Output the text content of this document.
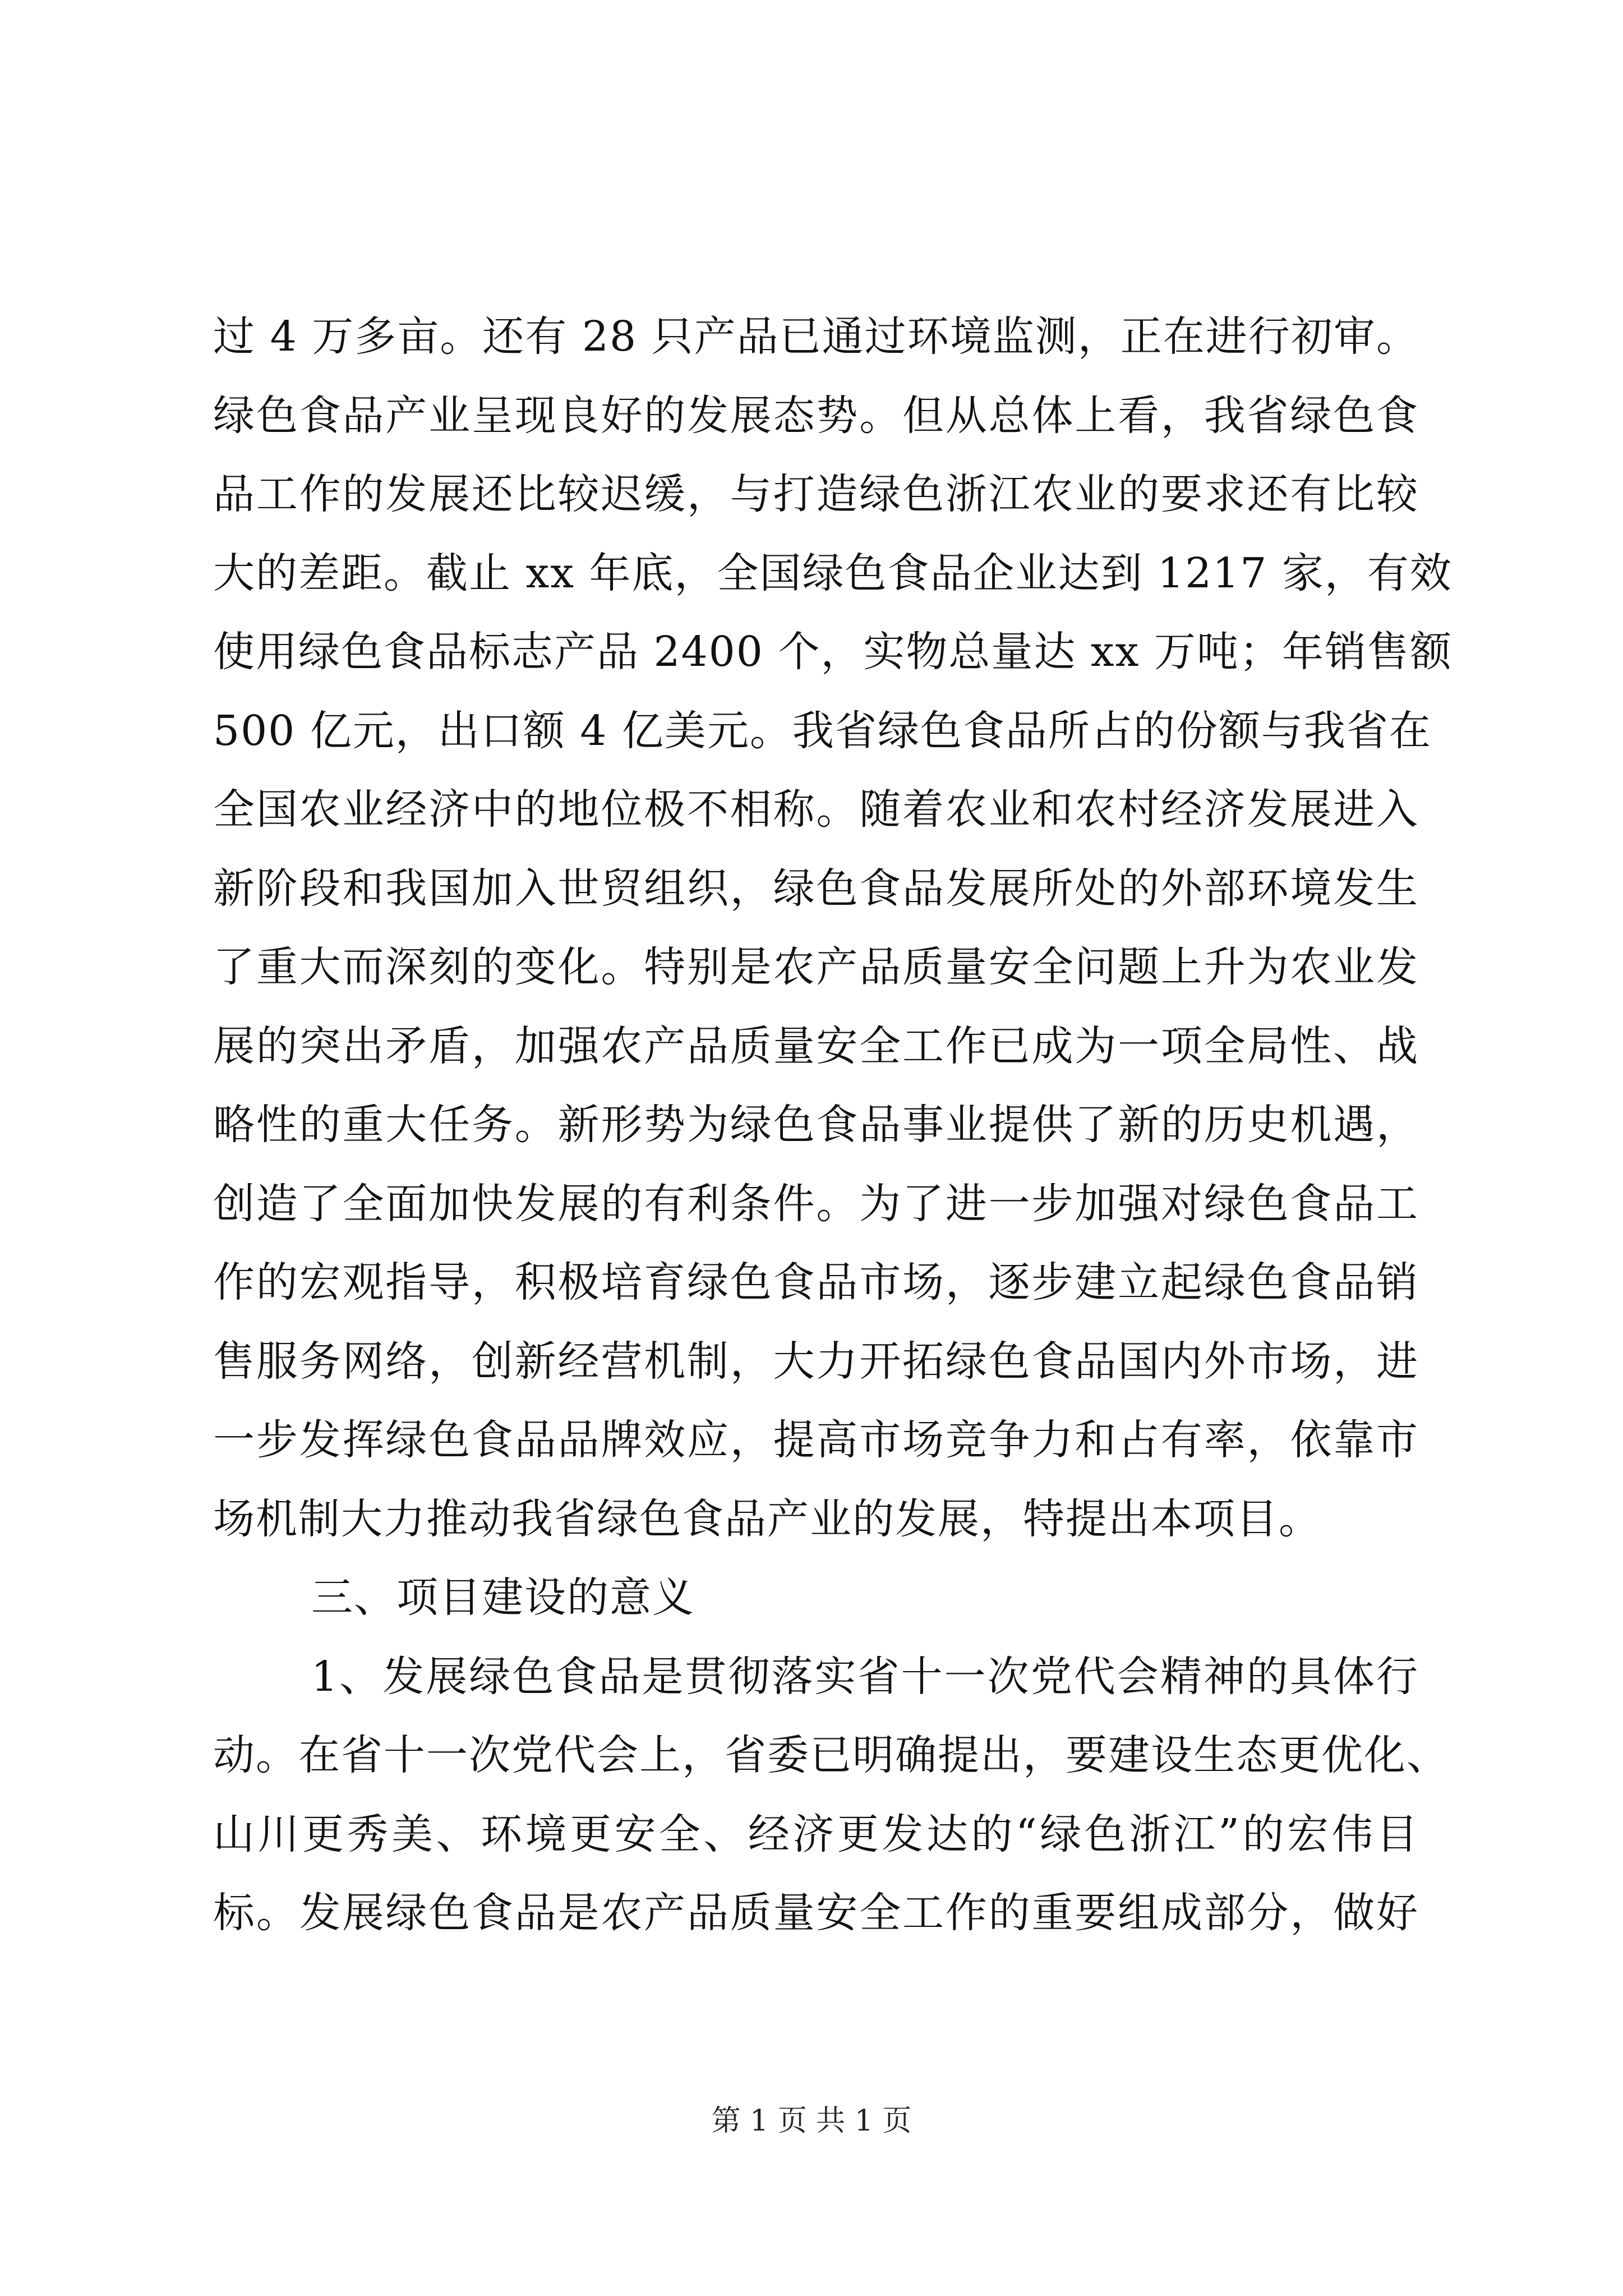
过 4 万多亩。还有 28 只产品已通过环境监测，正在进行初审。
绿色食品产业呈现良好的发展态势。但从总体上看，我省绿色食
品工作的发展还比较迟缓，与打造绿色浙江农业的要求还有比较
大的差距。截止 xx 年底，全国绿色食品企业达到 1217 家，有效
使用绿色食品标志产品 2400 个，实物总量达 xx 万吨；年销售额
500 亿元，出口额 4 亿美元。我省绿色食品所占的份额与我省在
全国农业经济中的地位极不相称。随着农业和农村经济发展进入
新阶段和我国加入世贸组织，绿色食品发展所处的外部环境发生
了重大而深刻的变化。特别是农产品质量安全问题上升为农业发
展的突出矛盾，加强农产品质量安全工作已成为一项全局性、战
略性的重大任务。新形势为绿色食品事业提供了新的历史机遇，
创造了全面加快发展的有利条件。为了进一步加强对绿色食品工
作的宏观指导，积极培育绿色食品市场，逐步建立起绿色食品销
售服务网络，创新经营机制，大力开拓绿色食品国内外市场，进
一步发挥绿色食品品牌效应，提高市场竞争力和占有率，依靠市
场机制大力推动我省绿色食品产业的发展，特提出本项目。
三、项目建设的意义
1、发展绿色食品是贯彻落实省十一次党代会精神的具体行
动。在省十一次党代会上，省委已明确提出，要建设生态更优化、
山川更秀美、环境更安全、经济更发达的“绿色浙江”的宏伟目
标。发展绿色食品是农产品质量安全工作的重要组成部分，做好
第 1 页 共 1 页
